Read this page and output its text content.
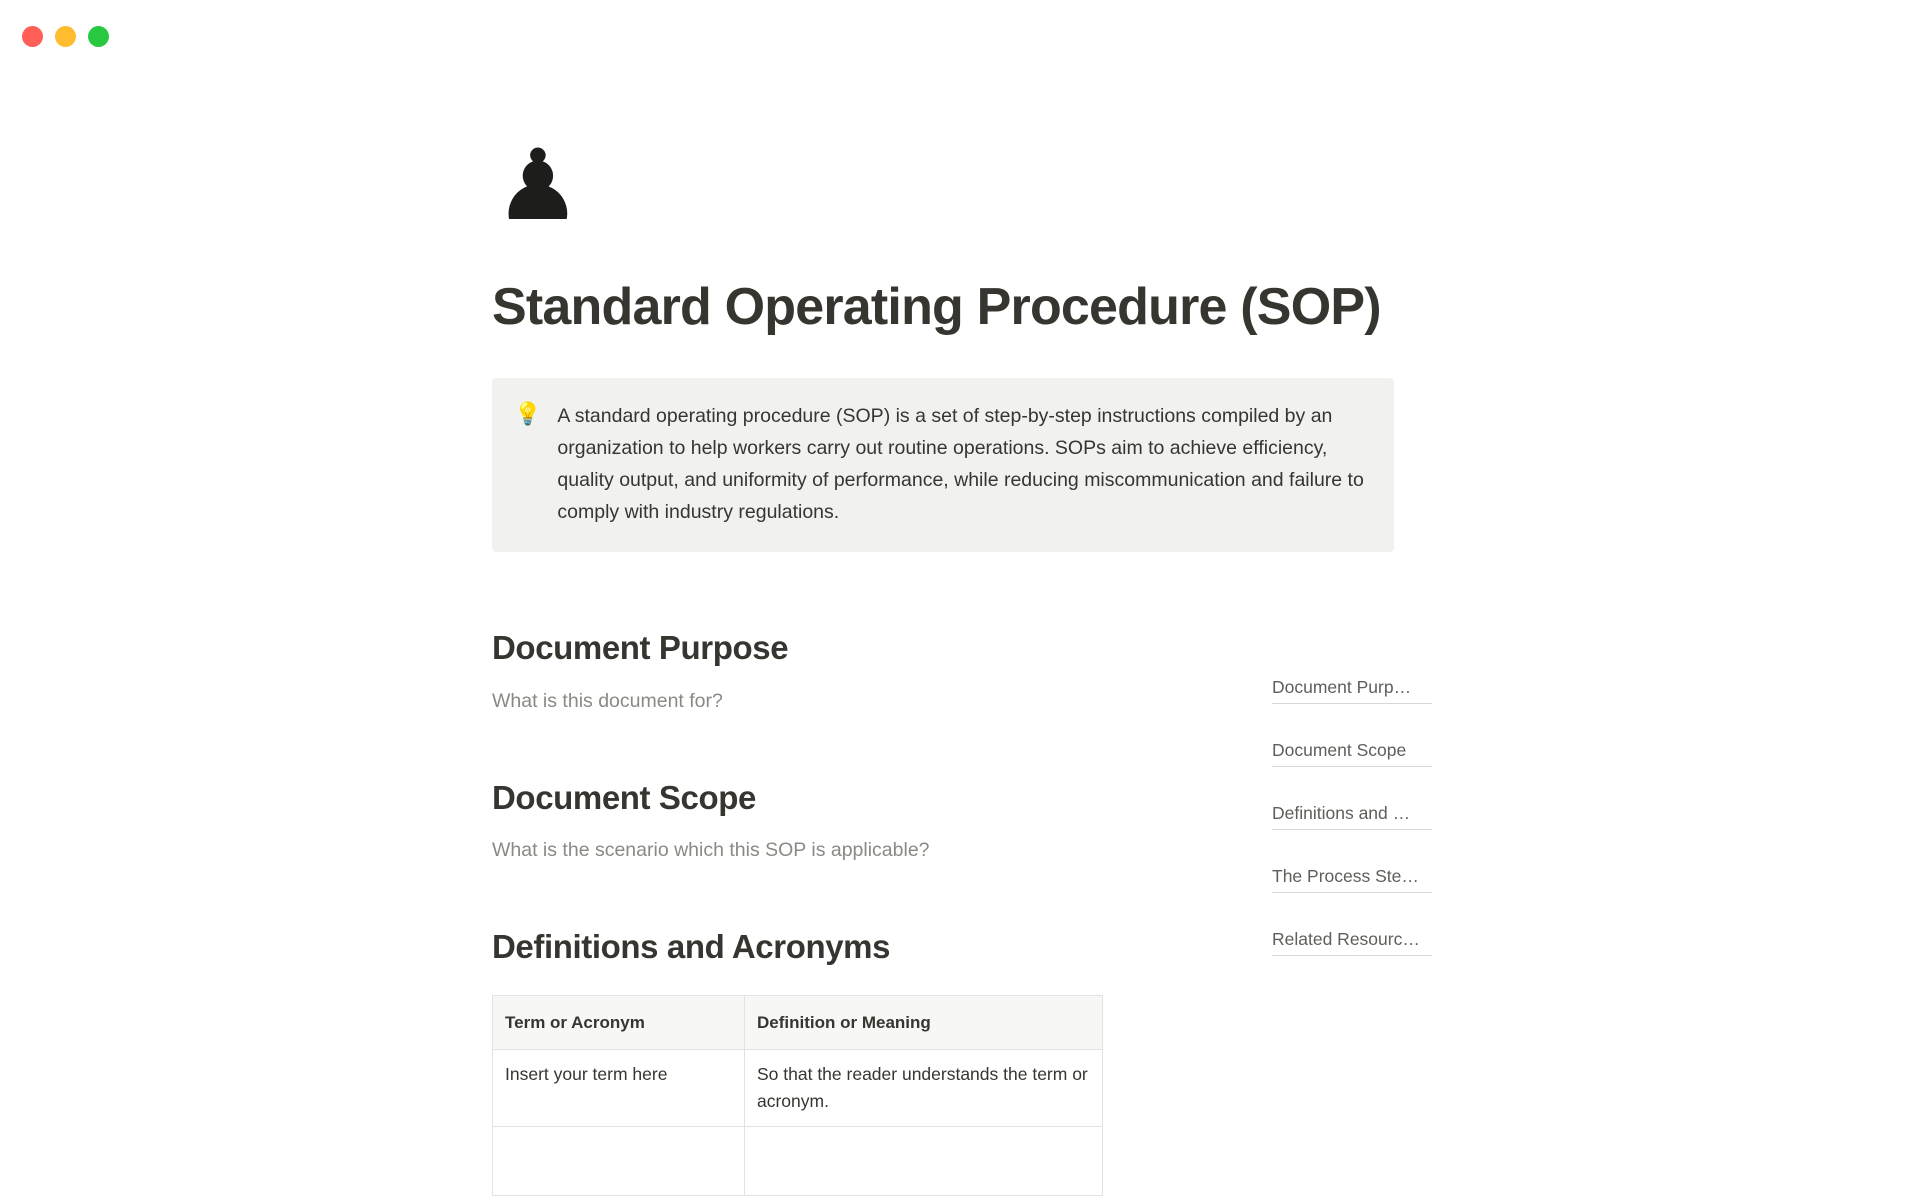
♟
Standard Operating Procedure (SOP)
💡 A standard operating procedure (SOP) is a set of step-by-step instructions compiled by an organization to help workers carry out routine operations. SOPs aim to achieve efficiency, quality output, and uniformity of performance, while reducing miscommunication and failure to comply with industry regulations.
Document Purpose

What is this document for?

Document Scope

What is the scenario which this SOP is applicable?

Definitions and Acronyms
Term or Acronym	Definition or Meaning
Insert your term here	So that the reader understands the term or acronym.

Document Purp…
Document Scope
Definitions and …
The Process Ste…
Related Resourc…
